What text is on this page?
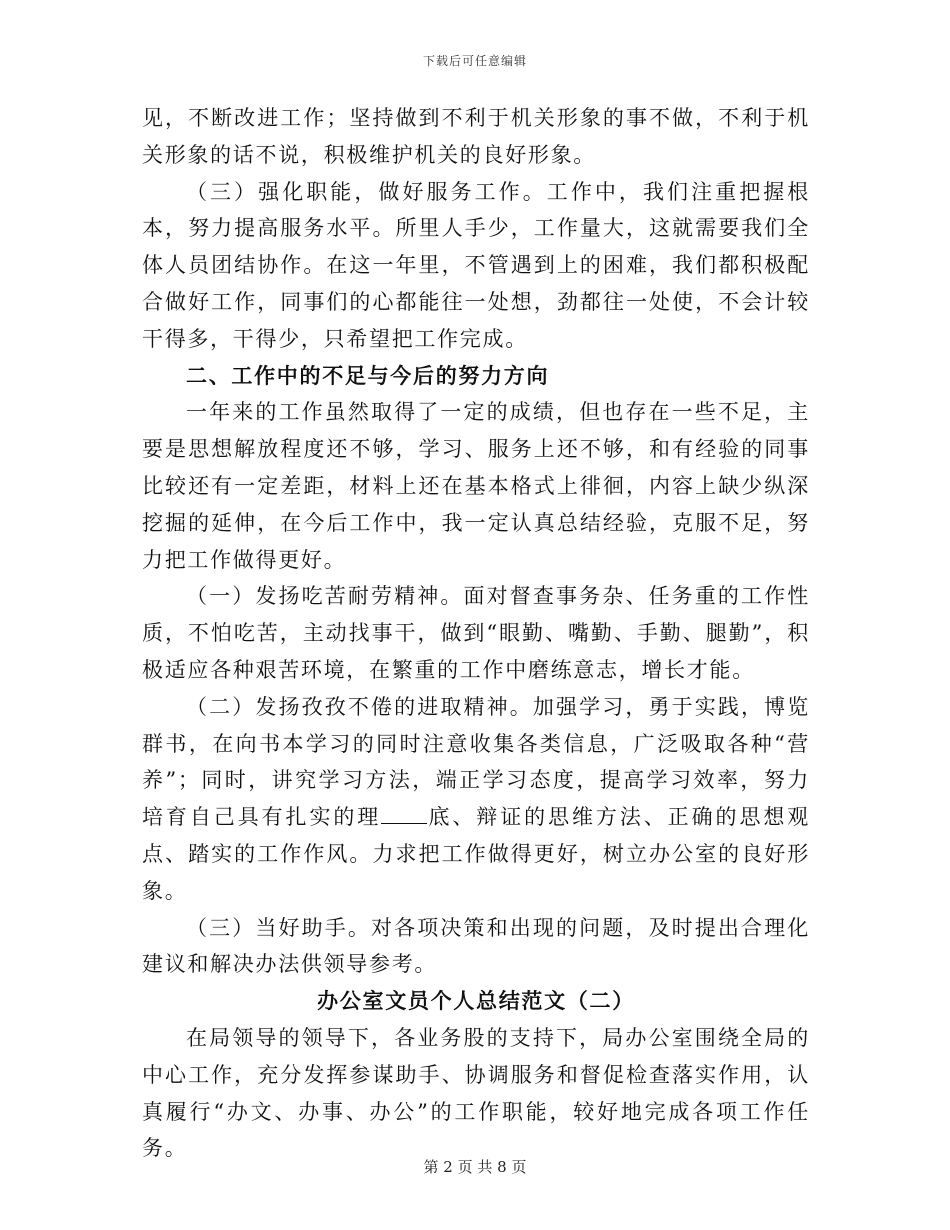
下载后可任意编辑

见，不断改进工作；坚持做到不利于机关形象的事不做，不利于机关形象的话不说，积极维护机关的良好形象。

（三）强化职能，做好服务工作。工作中，我们注重把握根本，努力提高服务水平。所里人手少，工作量大，这就需要我们全体人员团结协作。在这一年里，不管遇到上的困难，我们都积极配合做好工作，同事们的心都能往一处想，劲都往一处使，不会计较干得多，干得少，只希望把工作完成。

二、工作中的不足与今后的努力方向

一年来的工作虽然取得了一定的成绩，但也存在一些不足，主要是思想解放程度还不够，学习、服务上还不够，和有经验的同事比较还有一定差距，材料上还在基本格式上徘徊，内容上缺少纵深挖掘的延伸，在今后工作中，我一定认真总结经验，克服不足，努力把工作做得更好。

（一）发扬吃苦耐劳精神。面对督查事务杂、任务重的工作性质，不怕吃苦，主动找事干，做到“眼勤、嘴勤、手勤、腿勤”，积极适应各种艰苦环境，在繁重的工作中磨练意志，增长才能。

（二）发扬孜孜不倦的进取精神。加强学习，勇于实践，博览群书，在向书本学习的同时注意收集各类信息，广泛吸取各种“营养”；同时，讲究学习方法，端正学习态度，提高学习效率，努力培育自己具有扎实的理 底、辩证的思维方法、正确的思想观点、踏实的工作作风。力求把工作做得更好，树立办公室的良好形象。

（三）当好助手。对各项决策和出现的问题，及时提出合理化建议和解决办法供领导参考。

办公室文员个人总结范文（二）

在局领导的领导下，各业务股的支持下，局办公室围绕全局的中心工作，充分发挥参谋助手、协调服务和督促检查落实作用，认真履行“办文、办事、办公”的工作职能，较好地完成各项工作任务。

第 2 页 共 8 页
